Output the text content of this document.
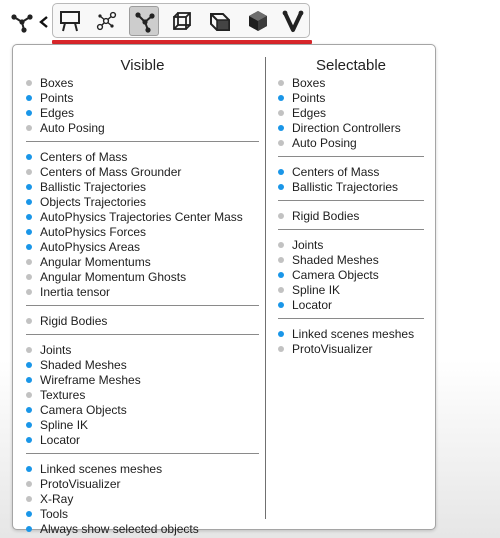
Visible
Boxes
Points
Edges
Auto Posing
Centers of Mass
Centers of Mass Grounder
Ballistic Trajectories
Objects Trajectories
AutoPhysics Trajectories Center Mass
AutoPhysics Forces
AutoPhysics Areas
Angular Momentums
Angular Momentum Ghosts
Inertia tensor
Rigid Bodies
Joints
Shaded Meshes
Wireframe Meshes
Textures
Camera Objects
Spline IK
Locator
Linked scenes meshes
ProtoVisualizer
X-Ray
Tools
Always show selected objects
Selectable
Boxes
Points
Edges
Direction Controllers
Auto Posing
Centers of Mass
Ballistic Trajectories
Rigid Bodies
Joints
Shaded Meshes
Camera Objects
Spline IK
Locator
Linked scenes meshes
ProtoVisualizer
